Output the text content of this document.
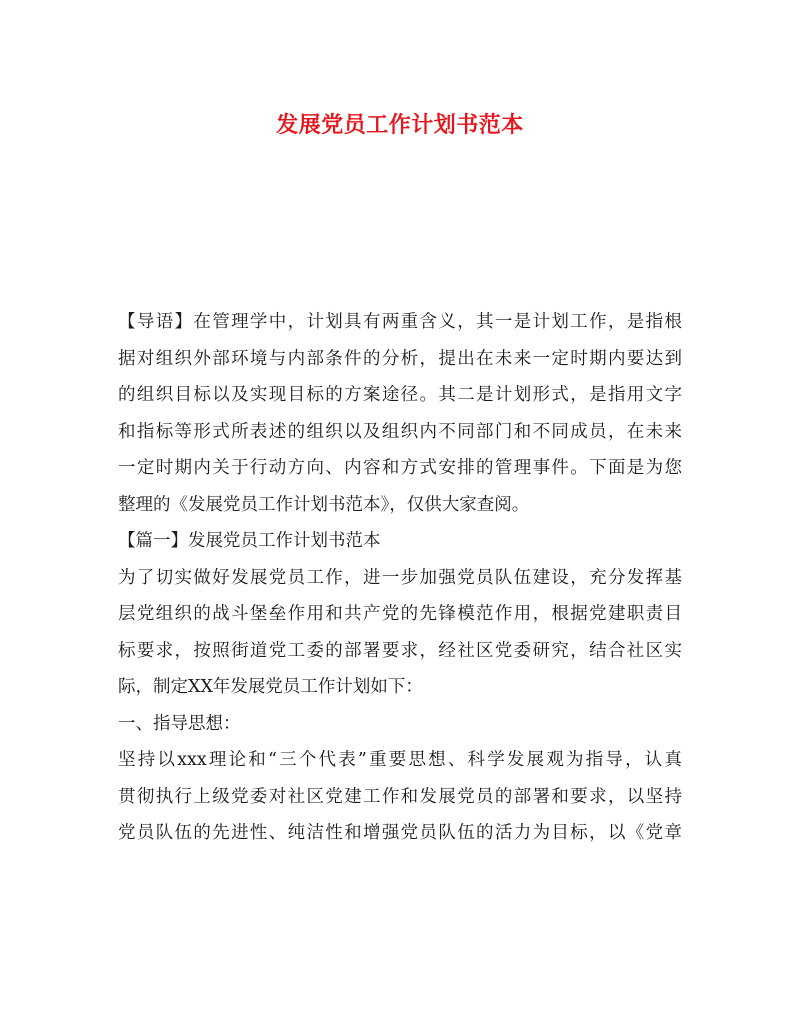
发展党员工作计划书范本
【导语】在管理学中，计划具有两重含义，其一是计划工作，是指根
据对组织外部环境与内部条件的分析，提出在未来一定时期内要达到
的组织目标以及实现目标的方案途径。其二是计划形式，是指用文字
和指标等形式所表述的组织以及组织内不同部门和不同成员，在未来
一定时期内关于行动方向、内容和方式安排的管理事件。下面是为您
整理的《发展党员工作计划书范本》，仅供大家查阅。
【篇一】发展党员工作计划书范本
为了切实做好发展党员工作，进一步加强党员队伍建设，充分发挥基
层党组织的战斗堡垒作用和共产党的先锋模范作用，根据党建职责目
标要求，按照街道党工委的部署要求，经社区党委研究，结合社区实
际，制定XX年发展党员工作计划如下：
一、指导思想：
坚持以xxx理论和“三个代表”重要思想、科学发展观为指导，认真
贯彻执行上级党委对社区党建工作和发展党员的部署和要求，以坚持
党员队伍的先进性、纯洁性和增强党员队伍的活力为目标，以《党章
